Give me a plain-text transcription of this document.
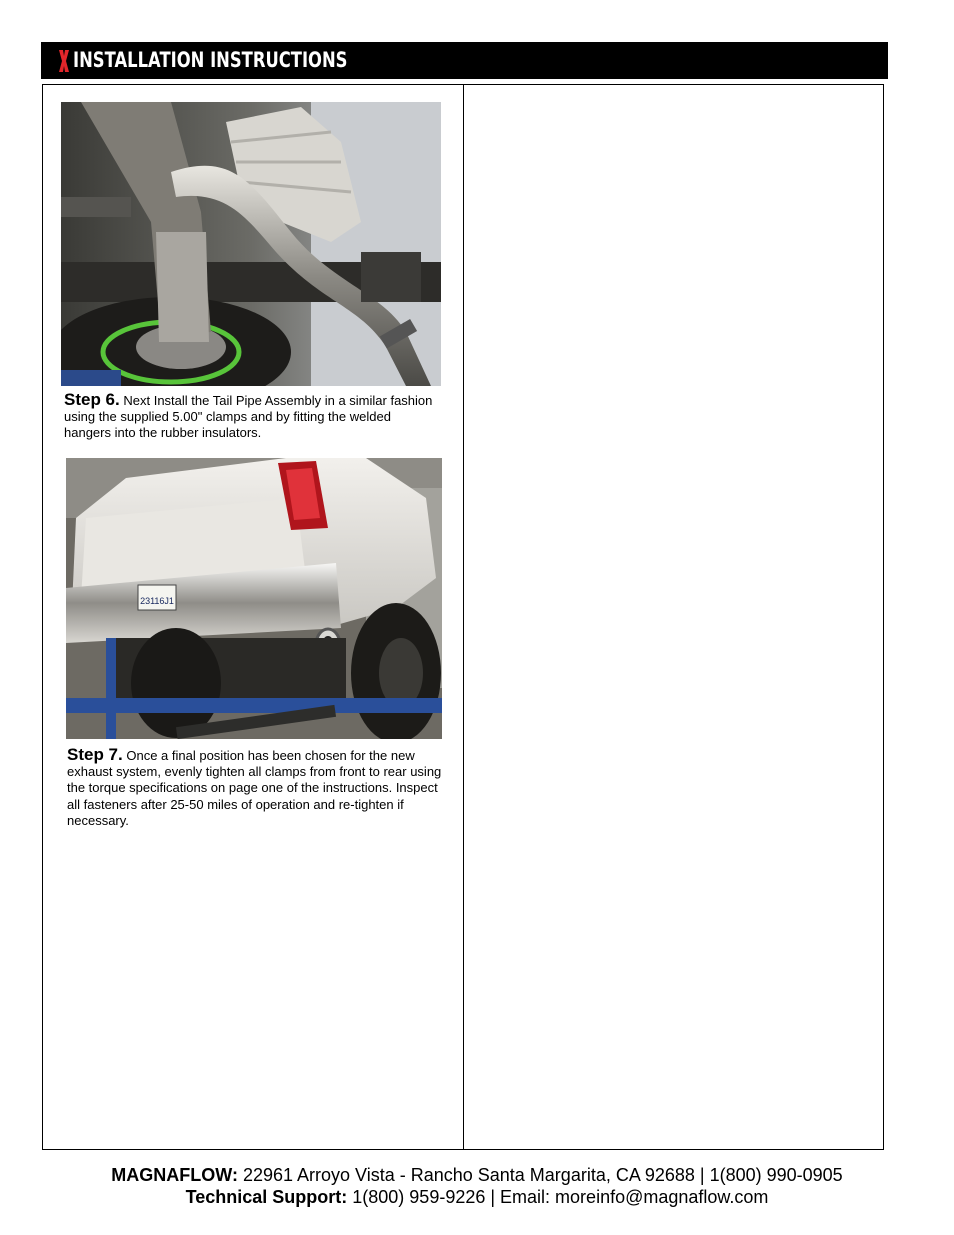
INSTALLATION INSTRUCTIONS
Step 6. Next Install the Tail Pipe Assembly in a similar fashion using the supplied 5.00" clamps and by fitting the welded hangers into the rubber insulators.
23116J1
Step 7. Once a final position has been chosen for the new exhaust system, evenly tighten all clamps from front to rear using the torque specifications on page one of the instructions. Inspect all fasteners after 25-50 miles of operation and re-tighten if necessary.
MAGNAFLOW: 22961 Arroyo Vista - Rancho Santa Margarita, CA 92688 | 1(800) 990-0905
Technical Support: 1(800) 959-9226 | Email: moreinfo@magnaflow.com
